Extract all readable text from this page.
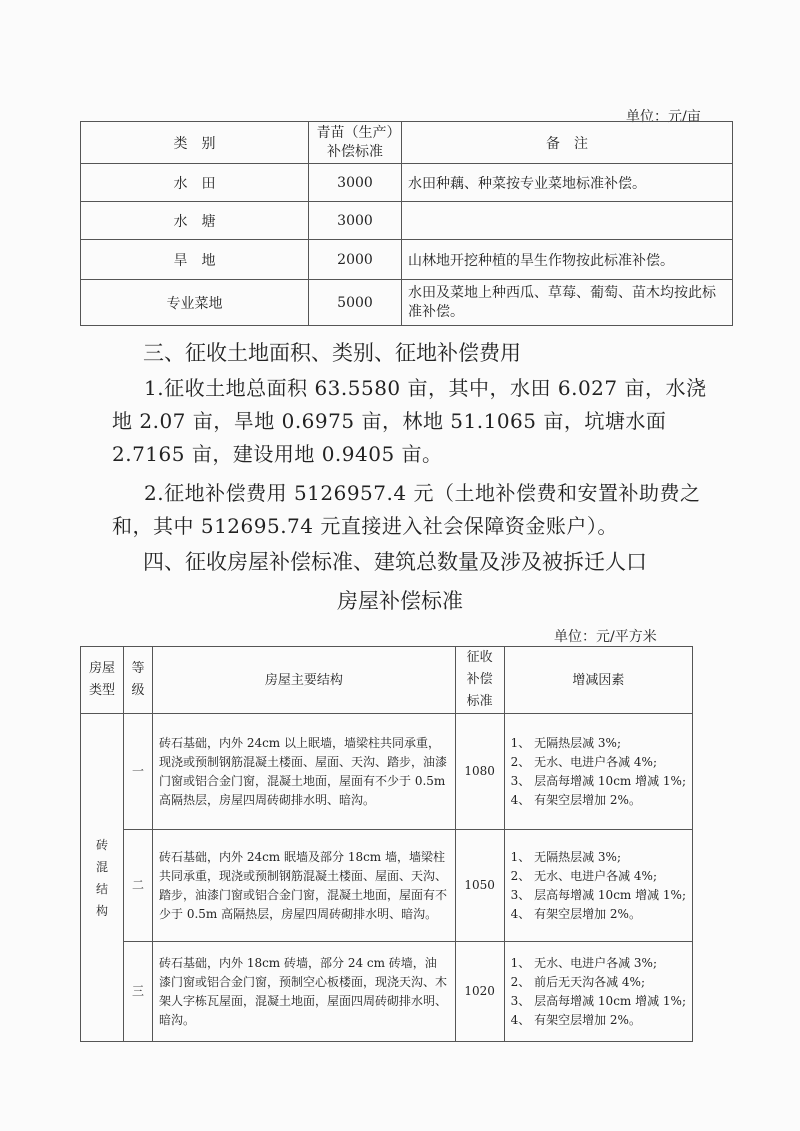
单位：元/亩
类　别	青苗（生产）补偿标准	备　注
水　田	3000	水田种藕、种菜按专业菜地标准补偿。
水　塘	3000	
旱　地	2000	山林地开挖种植的旱生作物按此标准补偿。
专业菜地	5000	水田及菜地上种西瓜、草莓、葡萄、苗木均按此标准补偿。
三、征收土地面积、类别、征地补偿费用
1.征收土地总面积 63.5580 亩，其中，水田 6.027 亩，水浇地 2.07 亩，旱地 0.6975 亩，林地 51.1065 亩，坑塘水面 2.7165 亩，建设用地 0.9405 亩。
2.征地补偿费用 5126957.4 元（土地补偿费和安置补助费之和，其中 512695.74 元直接进入社会保障资金账户）。
四、征收房屋补偿标准、建筑总数量及涉及被拆迁人口
房屋补偿标准
单位：元/平方米
房屋类型	等级	房屋主要结构	征收补偿标准	增减因素
砖混结构	一	砖石基础，内外 24cm 以上眠墙，墙梁柱共同承重，现浇或预制钢筋混凝土楼面、屋面、天沟、踏步，油漆门窗或铝合金门窗，混凝土地面，屋面有不少于 0.5m 高隔热层，房屋四周砖砌排水明、暗沟。	1080	1、 无隔热层减 3%;
2、 无水、电进户各减 4%;
3、 层高每增减 10cm 增减 1%;
4、 有架空层增加 2%。

	二	砖石基础，内外 24cm 眠墙及部分 18cm 墙，墙梁柱共同承重，现浇或预制钢筋混凝土楼面、屋面、天沟、踏步，油漆门窗或铝合金门窗，混凝土地面，屋面有不少于 0.5m 高隔热层，房屋四周砖砌排水明、暗沟。	1050	1、 无隔热层减 3%;
2、 无水、电进户各减 4%;
3、 层高每增减 10cm 增减 1%;
4、 有架空层增加 2%。

	三	砖石基础，内外 18cm 砖墙，部分 24 cm 砖墙，油漆门窗或铝合金门窗，预制空心板楼面，现浇天沟、木架人字栋瓦屋面，混凝土地面，屋面四周砖砌排水明、暗沟。	1020	1、 无水、电进户各减 3%;
2、 前后无天沟各减 4%;
3、 层高每增减 10cm 增减 1%;
4、 有架空层增加 2%。
